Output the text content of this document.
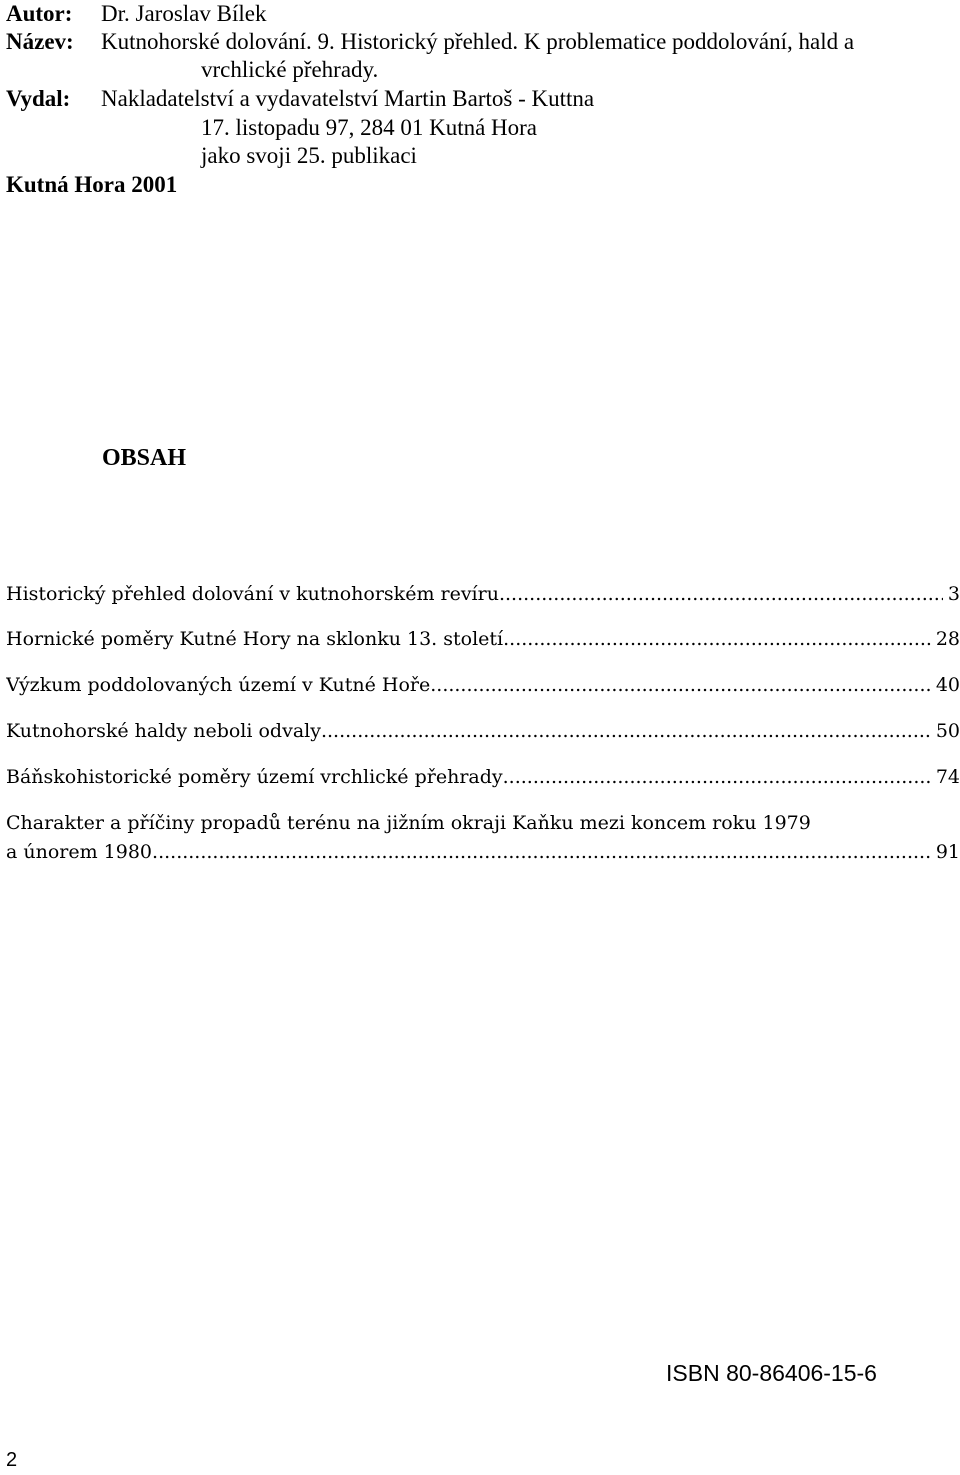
Autor: Dr. Jaroslav Bílek
Název: Kutnohorské dolování. 9. Historický přehled. K problematice poddolování, hald a
vrchlické přehrady.
Vydal: Nakladatelství a vydavatelství Martin Bartoš - Kuttna
17. listopadu 97, 284 01 Kutná Hora
jako svoji 25. publikaci
Kutná Hora 2001
OBSAH
Historický přehled dolování v kutnohorském revíru .....	3
Hornické poměry Kutné Hory na sklonku 13. století .....	28
Výzkum poddolovaných území v Kutné Hoře .....	40
Kutnohorské haldy neboli odvaly .....	50
Báňskohistorické poměry území vrchlické přehrady .....	74
Charakter a příčiny propadů terénu na jižním okraji Kaňku mezi koncem roku 1979
a únorem 1980 .....	91
ISBN 80-86406-15-6
2
